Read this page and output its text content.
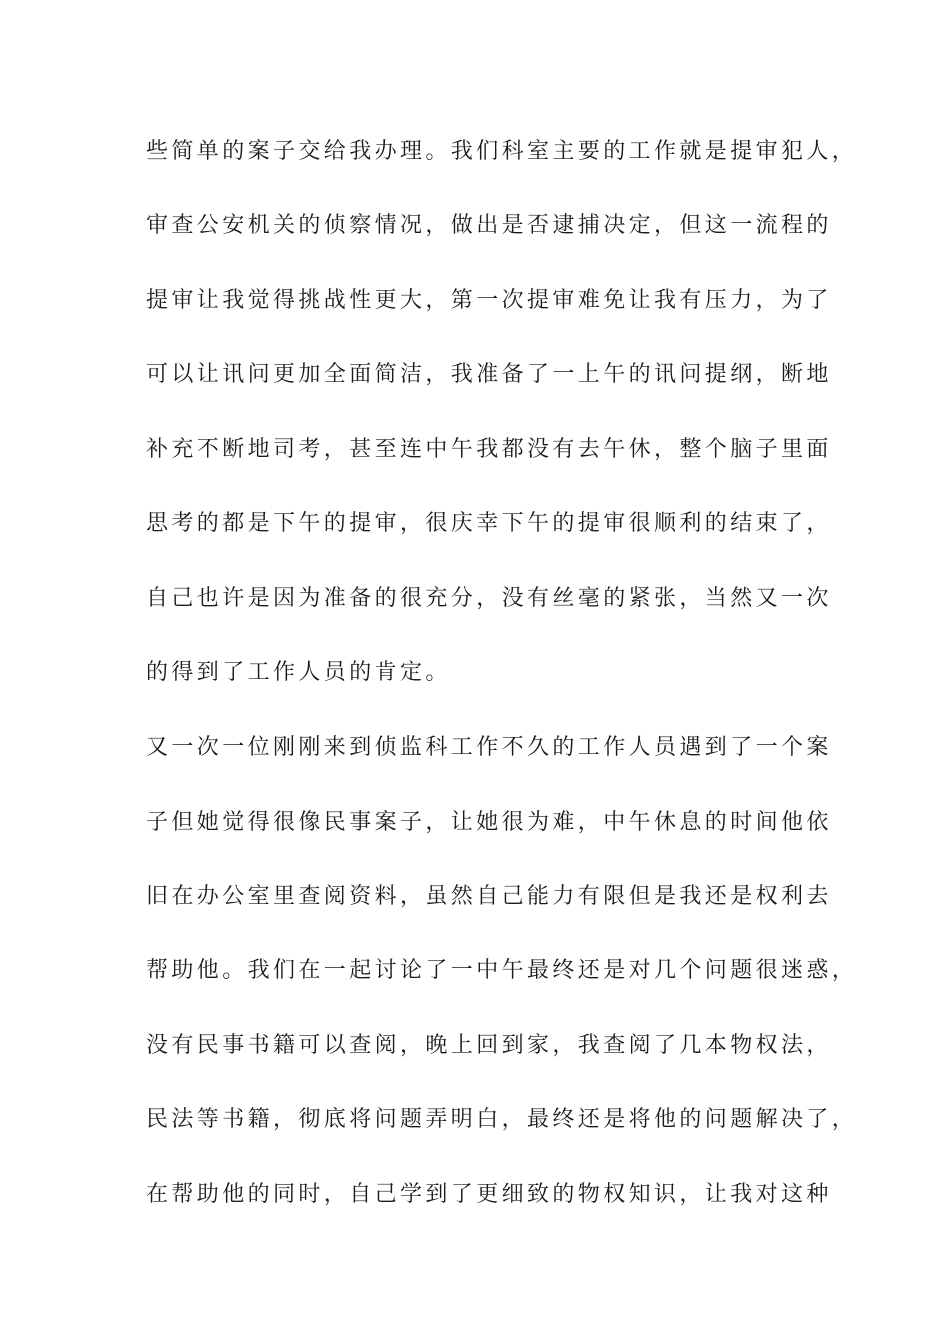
些简单的案子交给我办理。我们科室主要的工作就是提审犯人，
审查公安机关的侦察情况，做出是否逮捕决定，但这一流程的
提审让我觉得挑战性更大，第一次提审难免让我有压力，为了
可以让讯问更加全面简洁，我准备了一上午的讯问提纲，断地
补充不断地司考，甚至连中午我都没有去午休，整个脑子里面
思考的都是下午的提审，很庆幸下午的提审很顺利的结束了，
自己也许是因为准备的很充分，没有丝毫的紧张，当然又一次
的得到了工作人员的肯定。
又一次一位刚刚来到侦监科工作不久的工作人员遇到了一个案
子但她觉得很像民事案子，让她很为难，中午休息的时间他依
旧在办公室里查阅资料，虽然自己能力有限但是我还是权利去
帮助他。我们在一起讨论了一中午最终还是对几个问题很迷惑，
没有民事书籍可以查阅，晚上回到家，我查阅了几本物权法，
民法等书籍，彻底将问题弄明白，最终还是将他的问题解决了，
在帮助他的同时，自己学到了更细致的物权知识，让我对这种
